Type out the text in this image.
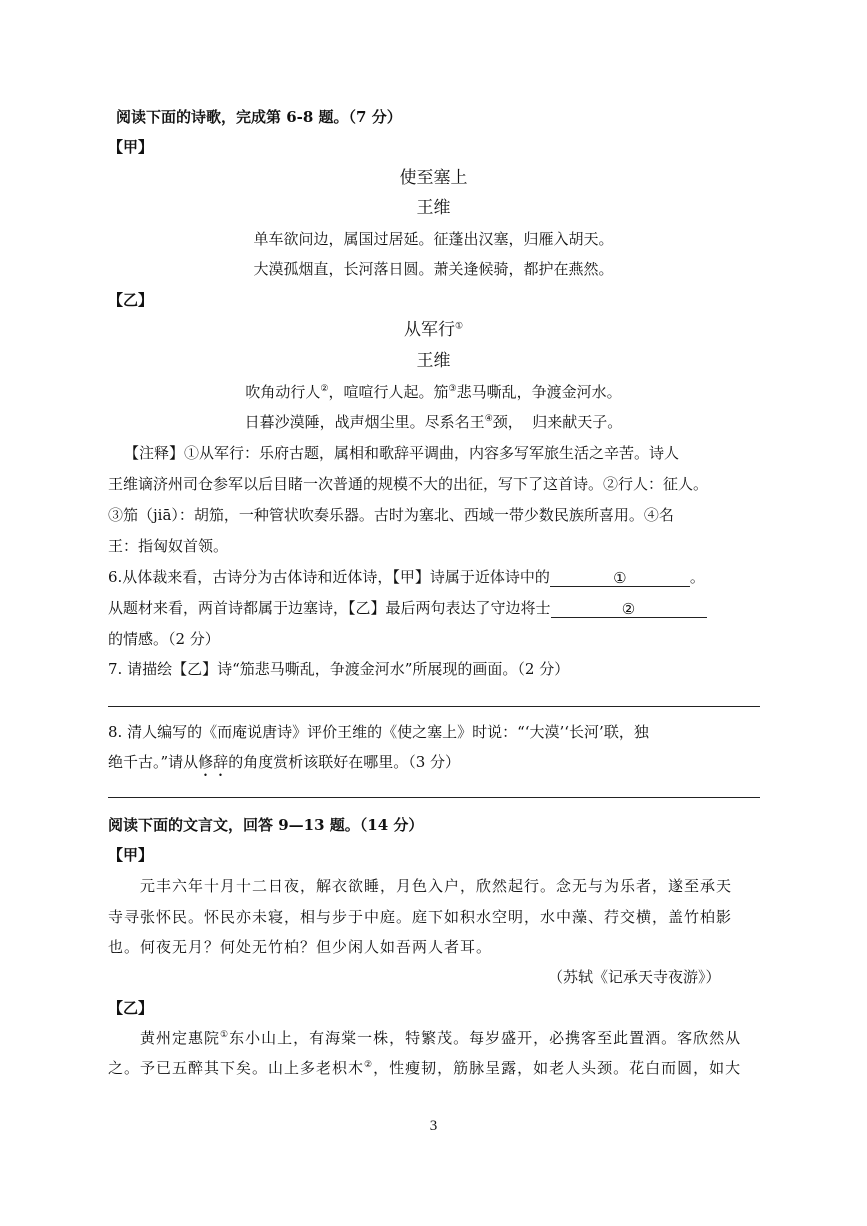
阅读下面的诗歌，完成第 6-8 题。（7 分）
【甲】
使至塞上
王维
单车欲问边，属国过居延。征蓬出汉塞，归雁入胡天。
大漠孤烟直，长河落日圆。萧关逢候骑，都护在燕然。
【乙】
从军行①
王维
吹角动行人②，喧喧行人起。笳③悲马嘶乱，争渡金河水。
日暮沙漠陲，战声烟尘里。尽系名王④颈，  归来献天子。
【注释】①从军行：乐府古题，属相和歌辞平调曲，内容多写军旅生活之辛苦。诗人
王维谪济州司仓参军以后目睹一次普通的规模不大的出征，写下了这首诗。②行人：征人。
③笳（jiā）：胡笳，一种管状吹奏乐器。古时为塞北、西域一带少数民族所喜用。④名
王：指匈奴首领。
6.从体裁来看，古诗分为古体诗和近体诗，【甲】诗属于近体诗中的	①	。
从题材来看，两首诗都属于边塞诗，【乙】最后两句表达了守边将士	②
的情感。（2 分）
7. 请描绘【乙】诗“笳悲马嘶乱，争渡金河水”所展现的画面。（2 分）
8. 清人编写的《而庵说唐诗》评价王维的《使之塞上》时说：“‘大漠’‘长河’联，独
绝千古。”请从修辞的角度赏析该联好在哪里。（3 分）
阅读下面的文言文，回答 9—13 题。（14 分）
【甲】
元丰六年十月十二日夜，解衣欲睡，月色入户，欣然起行。念无与为乐者，遂至承天
寺寻张怀民。怀民亦未寝，相与步于中庭。庭下如积水空明，水中藻、荇交横，盖竹柏影
也。何夜无月？何处无竹柏？但少闲人如吾两人者耳。
（苏轼《记承天寺夜游》）
【乙】
黄州定惠院①东小山上，有海棠一株，特繁茂。每岁盛开，必携客至此置酒。客欣然从
之。予已五醉其下矣。山上多老枳木②，性瘦韧，筋脉呈露，如老人头颈。花白而圆，如大
3
